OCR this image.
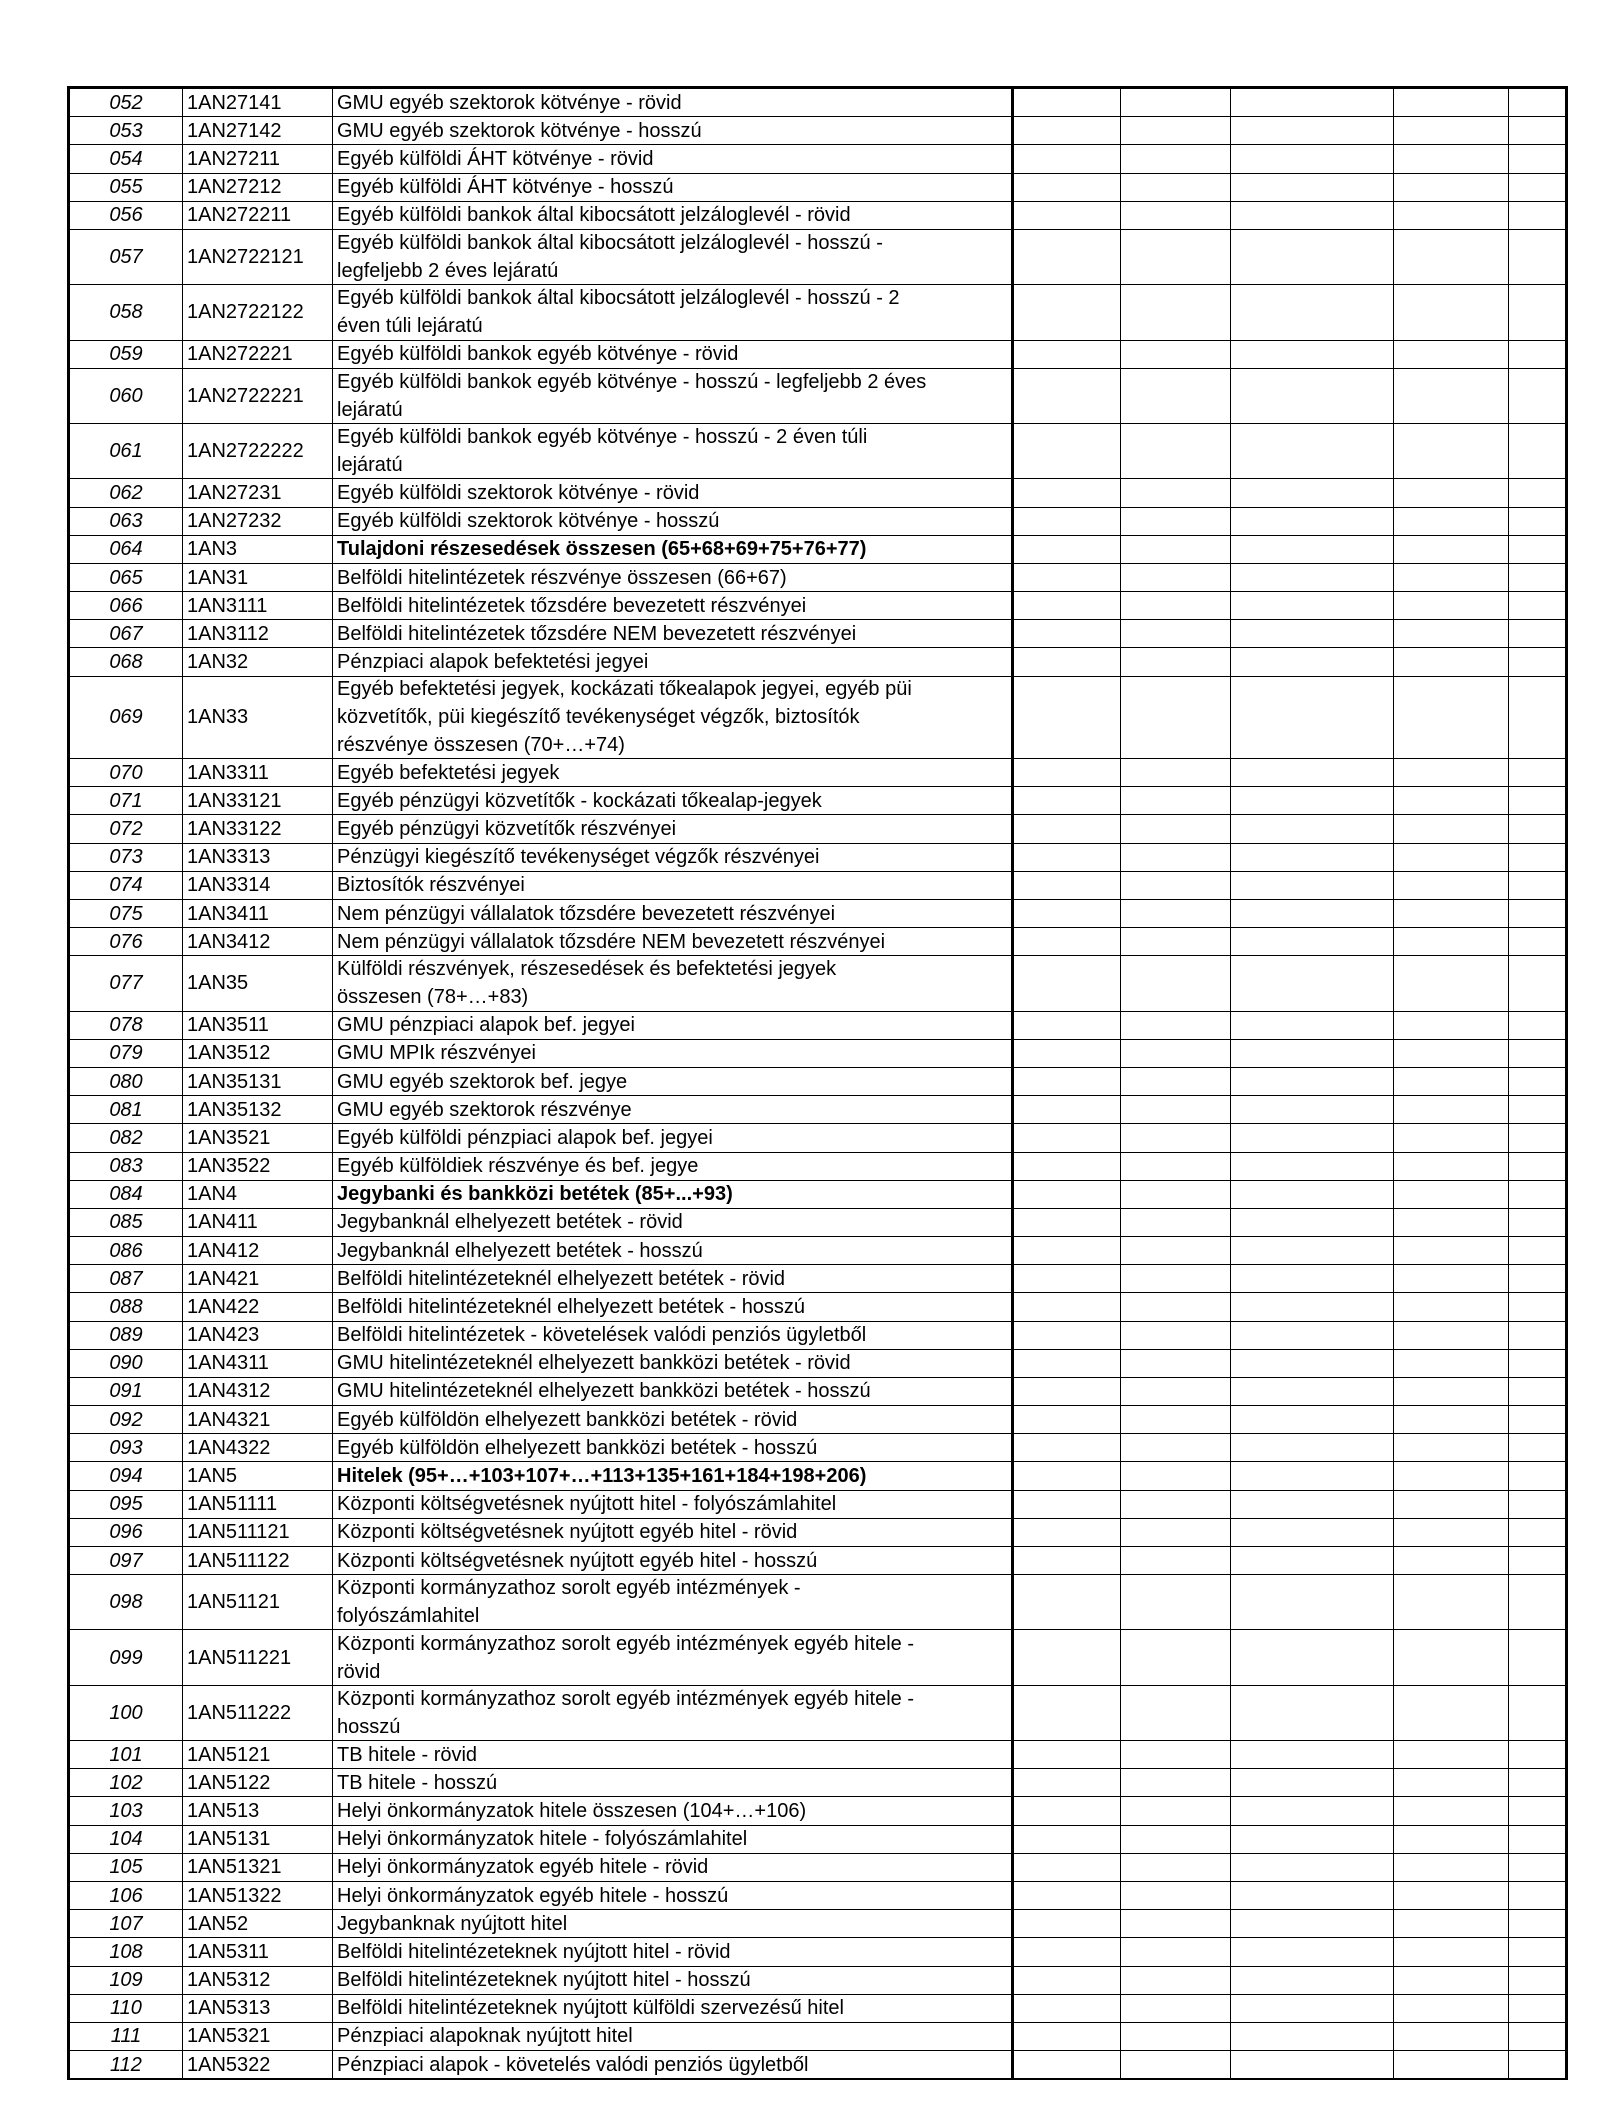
052	1AN27141	GMU egyéb szektorok kötvénye - rövid
053	1AN27142	GMU egyéb szektorok kötvénye - hosszú
054	1AN27211	Egyéb külföldi ÁHT kötvénye - rövid
055	1AN27212	Egyéb külföldi ÁHT kötvénye - hosszú
056	1AN272211	Egyéb külföldi bankok által kibocsátott jelzáloglevél - rövid
057	1AN2722121
Egyéb külföldi bankok által kibocsátott jelzáloglevél - hosszú -
legfeljebb 2 éves lejáratú
058	1AN2722122
Egyéb külföldi bankok által kibocsátott jelzáloglevél - hosszú - 2
éven túli lejáratú
059	1AN272221	Egyéb külföldi bankok egyéb kötvénye - rövid
060	1AN2722221
Egyéb külföldi bankok egyéb kötvénye - hosszú - legfeljebb 2 éves
lejáratú
061	1AN2722222
Egyéb külföldi bankok egyéb kötvénye - hosszú - 2 éven túli
lejáratú
062	1AN27231	Egyéb külföldi szektorok kötvénye - rövid
063	1AN27232	Egyéb külföldi szektorok kötvénye - hosszú
064	1AN3	Tulajdoni részesedések összesen (65+68+69+75+76+77)
065	1AN31	Belföldi hitelintézetek részvénye összesen (66+67)
066	1AN3111	Belföldi hitelintézetek tőzsdére bevezetett részvényei
067	1AN3112	Belföldi hitelintézetek tőzsdére NEM bevezetett részvényei
068	1AN32	Pénzpiaci alapok befektetési jegyei
069	1AN33
Egyéb befektetési jegyek, kockázati tőkealapok jegyei, egyéb püi
közvetítők, püi kiegészítő tevékenységet végzők, biztosítók
részvénye összesen (70+…+74)
070	1AN3311	Egyéb befektetési jegyek
071	1AN33121	Egyéb pénzügyi közvetítők - kockázati tőkealap-jegyek
072	1AN33122	Egyéb pénzügyi közvetítők részvényei
073	1AN3313	Pénzügyi kiegészítő tevékenységet végzők részvényei
074	1AN3314	Biztosítók részvényei
075	1AN3411	Nem pénzügyi vállalatok tőzsdére bevezetett részvényei
076	1AN3412	Nem pénzügyi vállalatok tőzsdére NEM bevezetett részvényei
077	1AN35
Külföldi részvények, részesedések és befektetési jegyek
összesen (78+…+83)
078	1AN3511	GMU pénzpiaci alapok bef. jegyei
079	1AN3512	GMU MPIk részvényei
080	1AN35131	GMU egyéb szektorok bef. jegye
081	1AN35132	GMU egyéb szektorok részvénye
082	1AN3521	Egyéb külföldi pénzpiaci alapok bef. jegyei
083	1AN3522	Egyéb külföldiek részvénye és bef. jegye
084	1AN4	Jegybanki és bankközi betétek (85+...+93)
085	1AN411	Jegybanknál elhelyezett betétek - rövid
086	1AN412	Jegybanknál elhelyezett betétek - hosszú
087	1AN421	Belföldi hitelintézeteknél elhelyezett betétek - rövid
088	1AN422	Belföldi hitelintézeteknél elhelyezett betétek - hosszú
089	1AN423	Belföldi hitelintézetek - követelések valódi penziós ügyletből
090	1AN4311	GMU hitelintézeteknél elhelyezett bankközi betétek - rövid
091	1AN4312	GMU hitelintézeteknél elhelyezett bankközi betétek - hosszú
092	1AN4321	Egyéb külföldön elhelyezett bankközi betétek - rövid
093	1AN4322	Egyéb külföldön elhelyezett bankközi betétek - hosszú
094	1AN5	Hitelek (95+…+103+107+…+113+135+161+184+198+206)
095	1AN51111	Központi költségvetésnek nyújtott hitel - folyószámlahitel
096	1AN511121	Központi költségvetésnek nyújtott egyéb hitel - rövid
097	1AN511122	Központi költségvetésnek nyújtott egyéb hitel - hosszú
098	1AN51121
Központi kormányzathoz sorolt egyéb intézmények -
folyószámlahitel
099	1AN511221
Központi kormányzathoz sorolt egyéb intézmények egyéb hitele -
rövid
100	1AN511222
Központi kormányzathoz sorolt egyéb intézmények egyéb hitele -
hosszú
101	1AN5121	TB hitele - rövid
102	1AN5122	TB hitele - hosszú
103	1AN513	Helyi önkormányzatok hitele összesen (104+…+106)
104	1AN5131	Helyi önkormányzatok hitele - folyószámlahitel
105	1AN51321	Helyi önkormányzatok egyéb hitele - rövid
106	1AN51322	Helyi önkormányzatok egyéb hitele - hosszú
107	1AN52	Jegybanknak nyújtott hitel
108	1AN5311	Belföldi hitelintézeteknek nyújtott hitel - rövid
109	1AN5312	Belföldi hitelintézeteknek nyújtott hitel - hosszú
110	1AN5313	Belföldi hitelintézeteknek nyújtott külföldi szervezésű hitel
111	1AN5321	Pénzpiaci alapoknak nyújtott hitel
112	1AN5322	Pénzpiaci alapok - követelés valódi penziós ügyletből
